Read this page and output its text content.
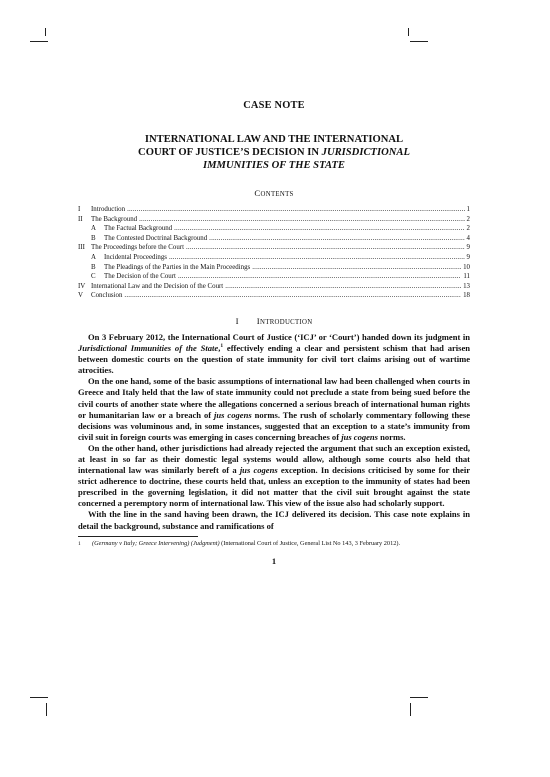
CASE NOTE

INTERNATIONAL LAW AND THE INTERNATIONAL
COURT OF JUSTICE’S DECISION IN JURISDICTIONAL
IMMUNITIES OF THE STATE
CONTENTS
I	Introduction .....	1
II	The Background .....	2
A	The Factual Background .....	2
B	The Contested Doctrinal Background .....	4
III The Proceedings before the Court .....	9
A	Incidental Proceedings .....	9
B	The Pleadings of the Parties in the Main Proceedings .....	10
C	The Decision of the Court .....	11
IV International Law and the Decision of the Court .....	13
V	Conclusion .....	18
I INTRODUCTION

On 3 February 2012, the International Court of Justice (‘ICJ’ or ‘Court’) handed down its judgment in Jurisdictional Immunities of the State,$^1$ effectively ending a clear and persistent schism that had arisen between domestic courts on the question of state immunity for civil tort claims arising out of wartime atrocities.

On the one hand, some of the basic assumptions of international law had been challenged when courts in Greece and Italy held that the law of state immunity could not preclude a state from being sued before the civil courts of another state where the allegations concerned a serious breach of international human rights or humanitarian law or a breach of jus cogens norms. The rush of scholarly commentary following these decisions was voluminous and, in some instances, suggested that an exception to a state’s immunity from civil suit in foreign courts was emerging in cases concerning breaches of jus cogens norms.

On the other hand, other jurisdictions had already rejected the argument that such an exception existed, at least in so far as their domestic legal systems would allow, although some courts also held that international law was similarly bereft of a jus cogens exception. In decisions criticised by some for their strict adherence to doctrine, these courts held that, unless an exception to the immunity of states had been prescribed in the governing legislation, it did not matter that the civil suit brought against the state concerned a peremptory norm of international law. This view of the issue also had scholarly support.

With the line in the sand having been drawn, the ICJ delivered its decision. This case note explains in detail the background, substance and ramifications of

1	(Germany v Italy; Greece Intervening) (Judgment) (International Court of Justice, General List No 143, 3 February 2012).
1
